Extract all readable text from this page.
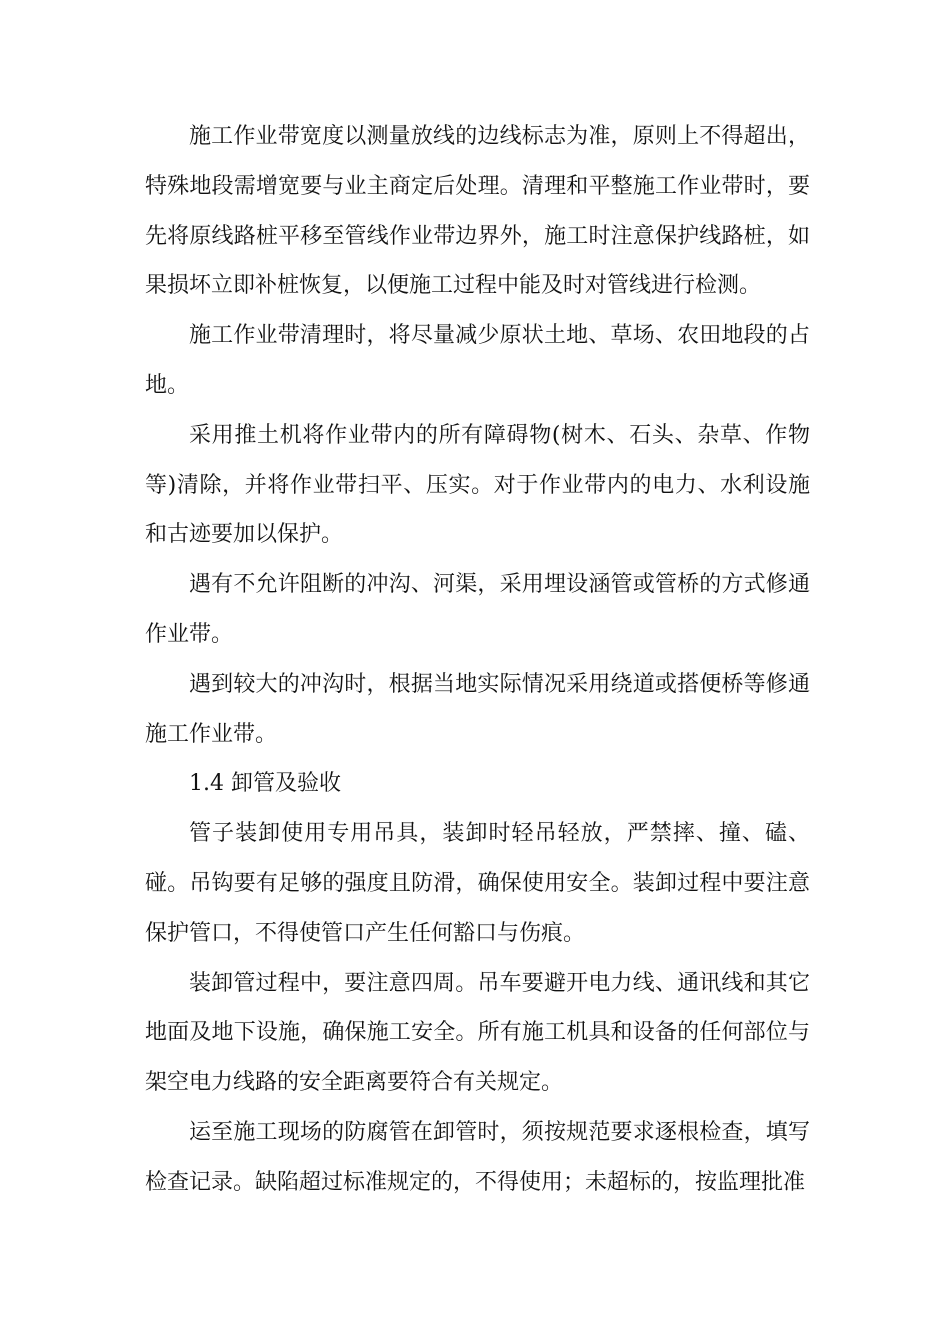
施工作业带宽度以测量放线的边线标志为准，原则上不得超出，特殊地段需增宽要与业主商定后处理。清理和平整施工作业带时，要先将原线路桩平移至管线作业带边界外，施工时注意保护线路桩，如果损坏立即补桩恢复，以便施工过程中能及时对管线进行检测。

施工作业带清理时，将尽量减少原状土地、草场、农田地段的占地。

采用推土机将作业带内的所有障碍物(树木、石头、杂草、作物等)清除，并将作业带扫平、压实。对于作业带内的电力、水利设施和古迹要加以保护。

遇有不允许阻断的冲沟、河渠，采用埋设涵管或管桥的方式修通作业带。

遇到较大的冲沟时，根据当地实际情况采用绕道或搭便桥等修通施工作业带。

1.4 卸管及验收

管子装卸使用专用吊具，装卸时轻吊轻放，严禁摔、撞、磕、碰。吊钩要有足够的强度且防滑，确保使用安全。装卸过程中要注意保护管口，不得使管口产生任何豁口与伤痕。

装卸管过程中，要注意四周。吊车要避开电力线、通讯线和其它地面及地下设施，确保施工安全。所有施工机具和设备的任何部位与架空电力线路的安全距离要符合有关规定。

运至施工现场的防腐管在卸管时，须按规范要求逐根检查，填写检查记录。缺陷超过标准规定的，不得使用；未超标的，按监理批准
